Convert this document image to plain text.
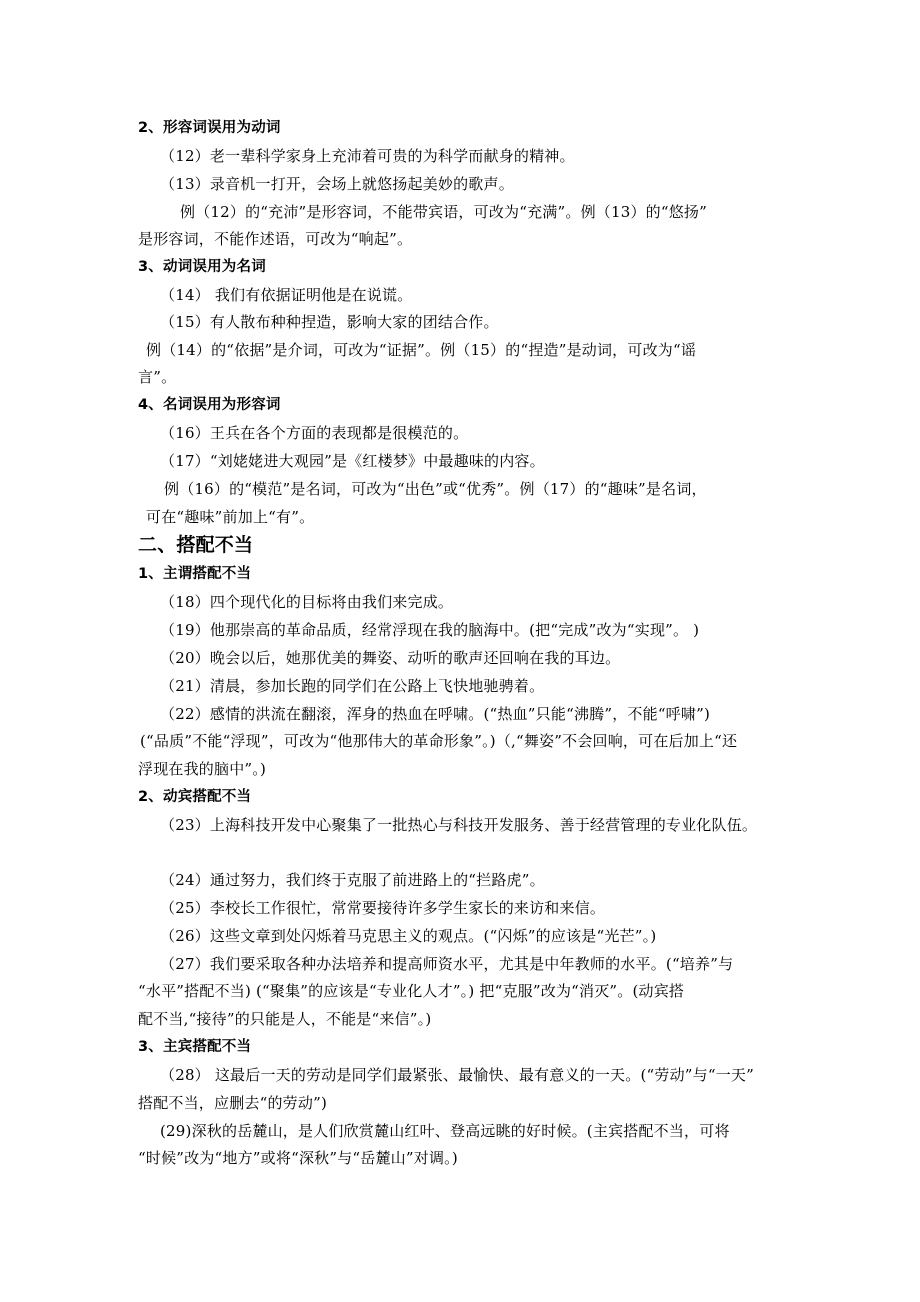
2、形容词误用为动词
（12）老一辈科学家身上充沛着可贵的为科学而献身的精神。
（13）录音机一打开，会场上就悠扬起美妙的歌声。
例（12）的“充沛”是形容词，不能带宾语，可改为“充满”。例（13）的“悠扬”
是形容词，不能作述语，可改为“响起”。
3、动词误用为名词
（14） 我们有依据证明他是在说谎。
（15）有人散布种种捏造，影响大家的团结合作。
例（14）的“依据”是介词，可改为“证据”。例（15）的“捏造”是动词，可改为“谣
言”。
4、名词误用为形容词
（16）王兵在各个方面的表现都是很模范的。
（17）“刘姥姥进大观园”是《红楼梦》中最趣味的内容。
例（16）的“模范”是名词，可改为“出色”或“优秀”。例（17）的“趣味”是名词，
可在“趣味”前加上“有”。
二、搭配不当
1、主谓搭配不当
（18）四个现代化的目标将由我们来完成。
（19）他那崇高的革命品质，经常浮现在我的脑海中。(把“完成”改为“实现”。 )
（20）晚会以后，她那优美的舞姿、动听的歌声还回响在我的耳边。
（21）清晨，参加长跑的同学们在公路上飞快地驰骋着。
（22）感情的洪流在翻滚，浑身的热血在呼啸。(“热血”只能“沸腾”，不能“呼啸”)
(“品质”不能“浮现”，可改为“他那伟大的革命形象”。)（,“舞姿”不会回响，可在后加上“还
浮现在我的脑中”。)
2、动宾搭配不当
（23）上海科技开发中心聚集了一批热心与科技开发服务、善于经营管理的专业化队伍。
（24）通过努力，我们终于克服了前进路上的“拦路虎”。
（25）李校长工作很忙，常常要接待许多学生家长的来访和来信。
（26）这些文章到处闪烁着马克思主义的观点。(“闪烁”的应该是“光芒”。)
（27）我们要采取各种办法培养和提高师资水平，尤其是中年教师的水平。(“培养”与
“水平”搭配不当) (“聚集”的应该是“专业化人才”。) 把“克服”改为“消灭”。(动宾搭
配不当,“接待”的只能是人，不能是“来信”。)
3、主宾搭配不当
（28） 这最后一天的劳动是同学们最紧张、最愉快、最有意义的一天。(“劳动”与“一天”
搭配不当，应删去“的劳动”)
(29)深秋的岳麓山，是人们欣赏麓山红叶、登高远眺的好时候。(主宾搭配不当，可将
“时候”改为“地方”或将“深秋”与“岳麓山”对调。)
